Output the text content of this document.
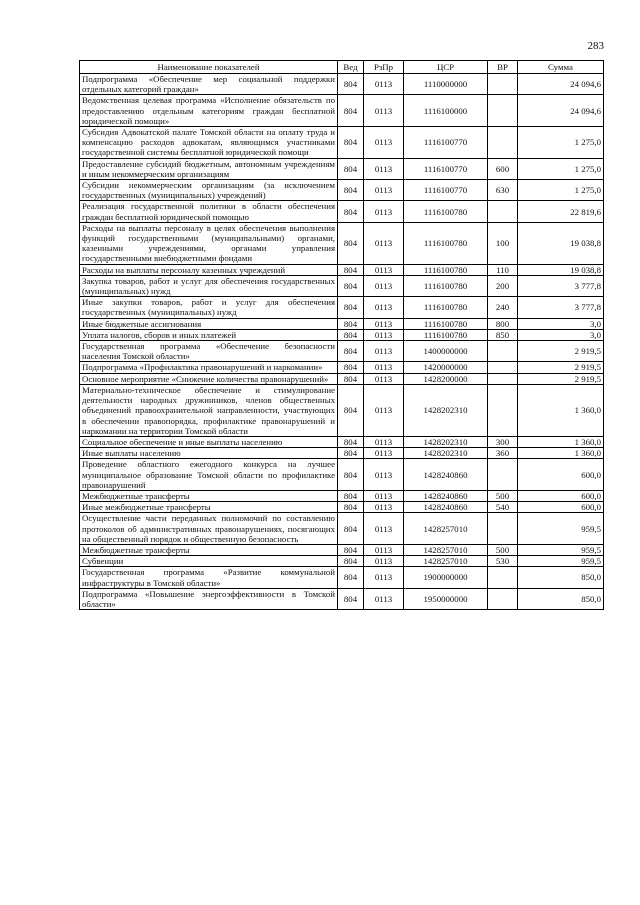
283
Наименование показателей	Вед	РзПр	ЦСР	ВР	Сумма
Подпрограмма «Обеспечение мер социальной поддержки отдельных категорий граждан»	804	0113	1110000000		24 094,6
Ведомственная целевая программа «Исполнение обязательств по предоставлению отдельным категориям граждан бесплатной юридической помощи»	804	0113	1116100000		24 094,6
Субсидия Адвокатской палате Томской области на оплату труда и компенсацию расходов адвокатам, являющимся участниками государственной системы бесплатной юридической помощи	804	0113	1116100770		1 275,0
Предоставление субсидий бюджетным, автономным учреждениям и иным некоммерческим организациям	804	0113	1116100770	600	1 275,0
Субсидии некоммерческим организациям (за исключением государственных (муниципальных) учреждений)	804	0113	1116100770	630	1 275,0
Реализация государственной политики в области обеспечения граждан бесплатной юридической помощью	804	0113	1116100780		22 819,6
Расходы на выплаты персоналу в целях обеспечения выполнения функций государственными (муниципальными) органами, казенными учреждениями, органами управления государственными внебюджетными фондами	804	0113	1116100780	100	19 038,8
Расходы на выплаты персоналу казенных учреждений	804	0113	1116100780	110	19 038,8
Закупка товаров, работ и услуг для обеспечения государственных (муниципальных) нужд	804	0113	1116100780	200	3 777,8
Иные закупки товаров, работ и услуг для обеспечения государственных (муниципальных) нужд	804	0113	1116100780	240	3 777,8
Иные бюджетные ассигнования	804	0113	1116100780	800	3,0
Уплата налогов, сборов и иных платежей	804	0113	1116100780	850	3,0
Государственная программа «Обеспечение безопасности населения Томской области»	804	0113	1400000000		2 919,5
Подпрограмма «Профилактика правонарушений и наркомании»	804	0113	1420000000		2 919,5
Основное мероприятие «Снижение количества правонарушений»	804	0113	1428200000		2 919,5
Материально-техническое обеспечение и стимулирование деятельности народных дружинников, членов общественных объединений правоохранительной направленности, участвующих в обеспечении правопорядка, профилактике правонарушений и наркомании на территории Томской области	804	0113	1428202310		1 360,0
Социальное обеспечение и иные выплаты населению	804	0113	1428202310	300	1 360,0
Иные выплаты населению	804	0113	1428202310	360	1 360,0
Проведение областного ежегодного конкурса на лучшее муниципальное образование Томской области по профилактике правонарушений	804	0113	1428240860		600,0
Межбюджетные трансферты	804	0113	1428240860	500	600,0
Иные межбюджетные трансферты	804	0113	1428240860	540	600,0
Осуществление части переданных полномочий по составлению протоколов об административных правонарушениях, посягающих на общественный порядок и общественную безопасность	804	0113	1428257010		959,5
Межбюджетные трансферты	804	0113	1428257010	500	959,5
Субвенции	804	0113	1428257010	530	959,5
Государственная программа «Развитие коммунальной инфраструктуры в Томской области»	804	0113	1900000000		850,0
Подпрограмма «Повышение энергоэффективности в Томской области»	804	0113	1950000000		850,0
